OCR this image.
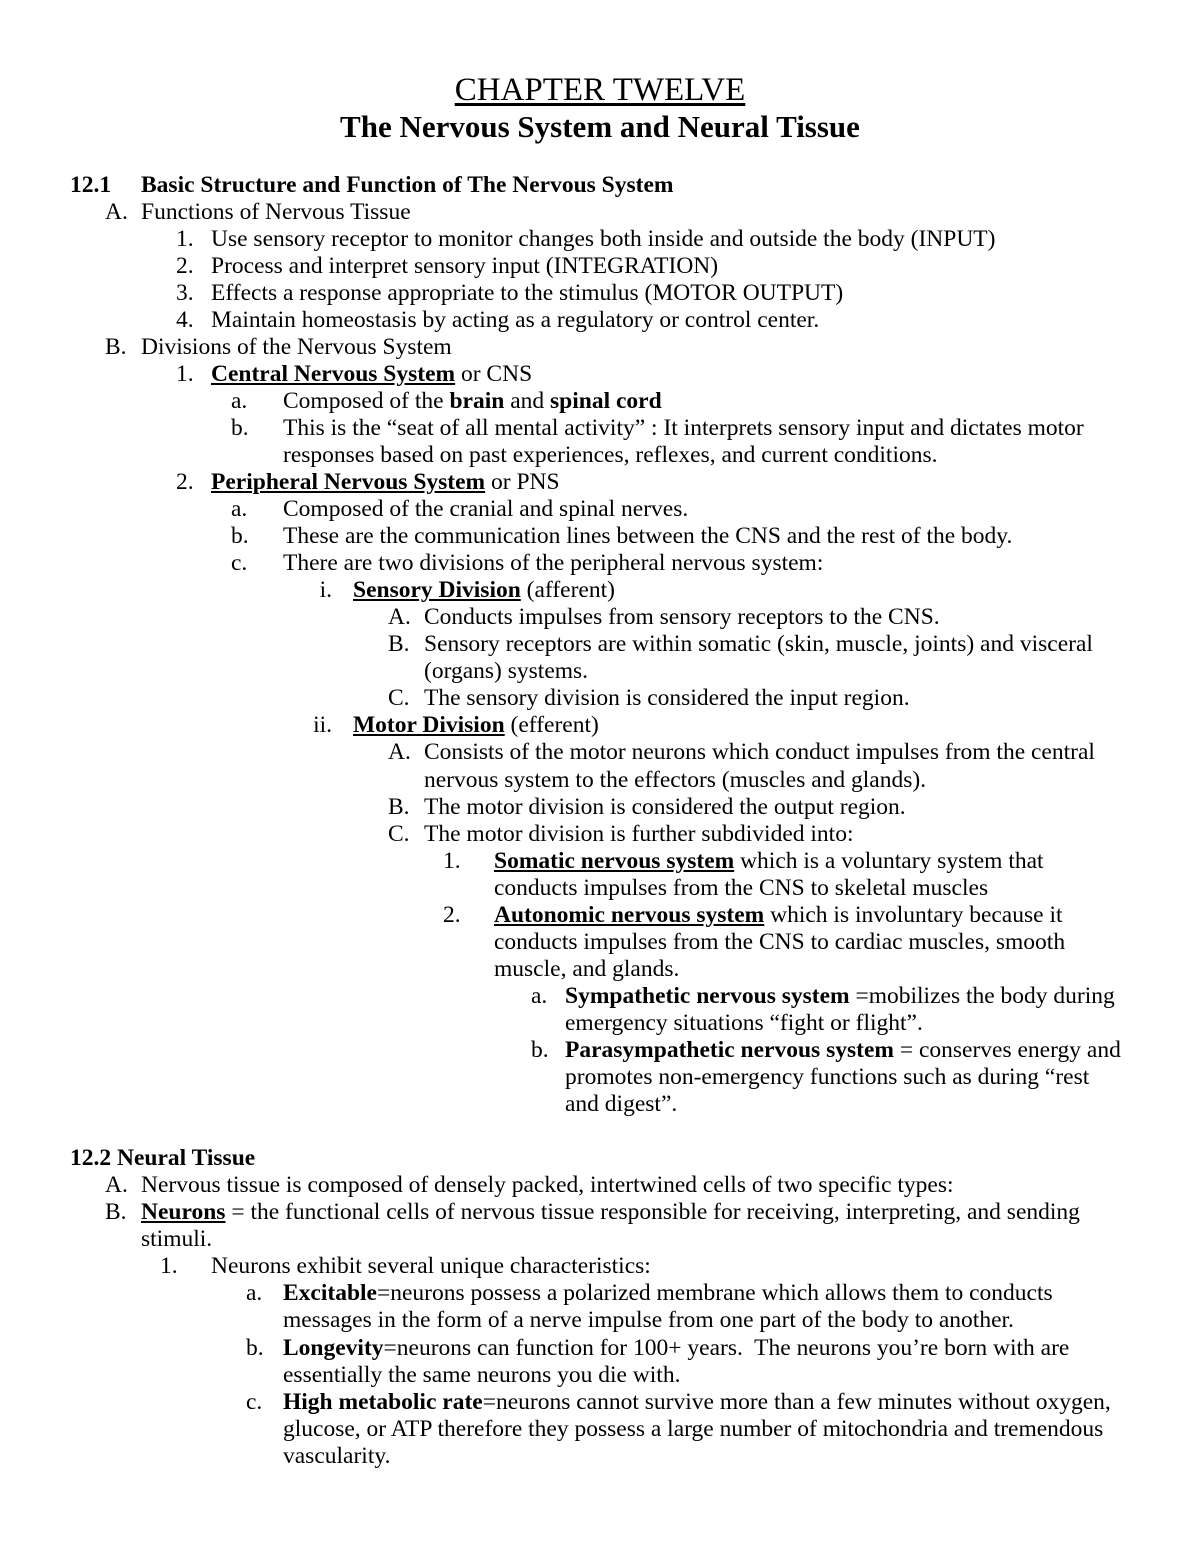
CHAPTER TWELVE
The Nervous System and Neural Tissue
12.1 Basic Structure and Function of The Nervous System
A. Functions of Nervous Tissue
1. Use sensory receptor to monitor changes both inside and outside the body (INPUT)
2. Process and interpret sensory input (INTEGRATION)
3. Effects a response appropriate to the stimulus (MOTOR OUTPUT)
4. Maintain homeostasis by acting as a regulatory or control center.
B. Divisions of the Nervous System
1. Central Nervous System or CNS
a. Composed of the brain and spinal cord
b. This is the “seat of all mental activity” : It interprets sensory input and dictates motor
responses based on past experiences, reflexes, and current conditions.
2. Peripheral Nervous System or PNS
a. Composed of the cranial and spinal nerves.
b. These are the communication lines between the CNS and the rest of the body.
c. There are two divisions of the peripheral nervous system:
i. Sensory Division (afferent)
A. Conducts impulses from sensory receptors to the CNS.
B. Sensory receptors are within somatic (skin, muscle, joints) and visceral
(organs) systems.
C. The sensory division is considered the input region.
ii. Motor Division (efferent)
A. Consists of the motor neurons which conduct impulses from the central
nervous system to the effectors (muscles and glands).
B. The motor division is considered the output region.
C. The motor division is further subdivided into:
1. Somatic nervous system which is a voluntary system that
conducts impulses from the CNS to skeletal muscles
2. Autonomic nervous system which is involuntary because it
conducts impulses from the CNS to cardiac muscles, smooth
muscle, and glands.
a. Sympathetic nervous system =mobilizes the body during
emergency situations “fight or flight”.
b. Parasympathetic nervous system = conserves energy and
promotes non-emergency functions such as during “rest
and digest”.
12.2 Neural Tissue
A. Nervous tissue is composed of densely packed, intertwined cells of two specific types:
B. Neurons = the functional cells of nervous tissue responsible for receiving, interpreting, and sending
stimuli.
1. Neurons exhibit several unique characteristics:
a. Excitable=neurons possess a polarized membrane which allows them to conducts
messages in the form of a nerve impulse from one part of the body to another.
b. Longevity=neurons can function for 100+ years.  The neurons you’re born with are
essentially the same neurons you die with.
c. High metabolic rate=neurons cannot survive more than a few minutes without oxygen,
glucose, or ATP therefore they possess a large number of mitochondria and tremendous
vascularity.
